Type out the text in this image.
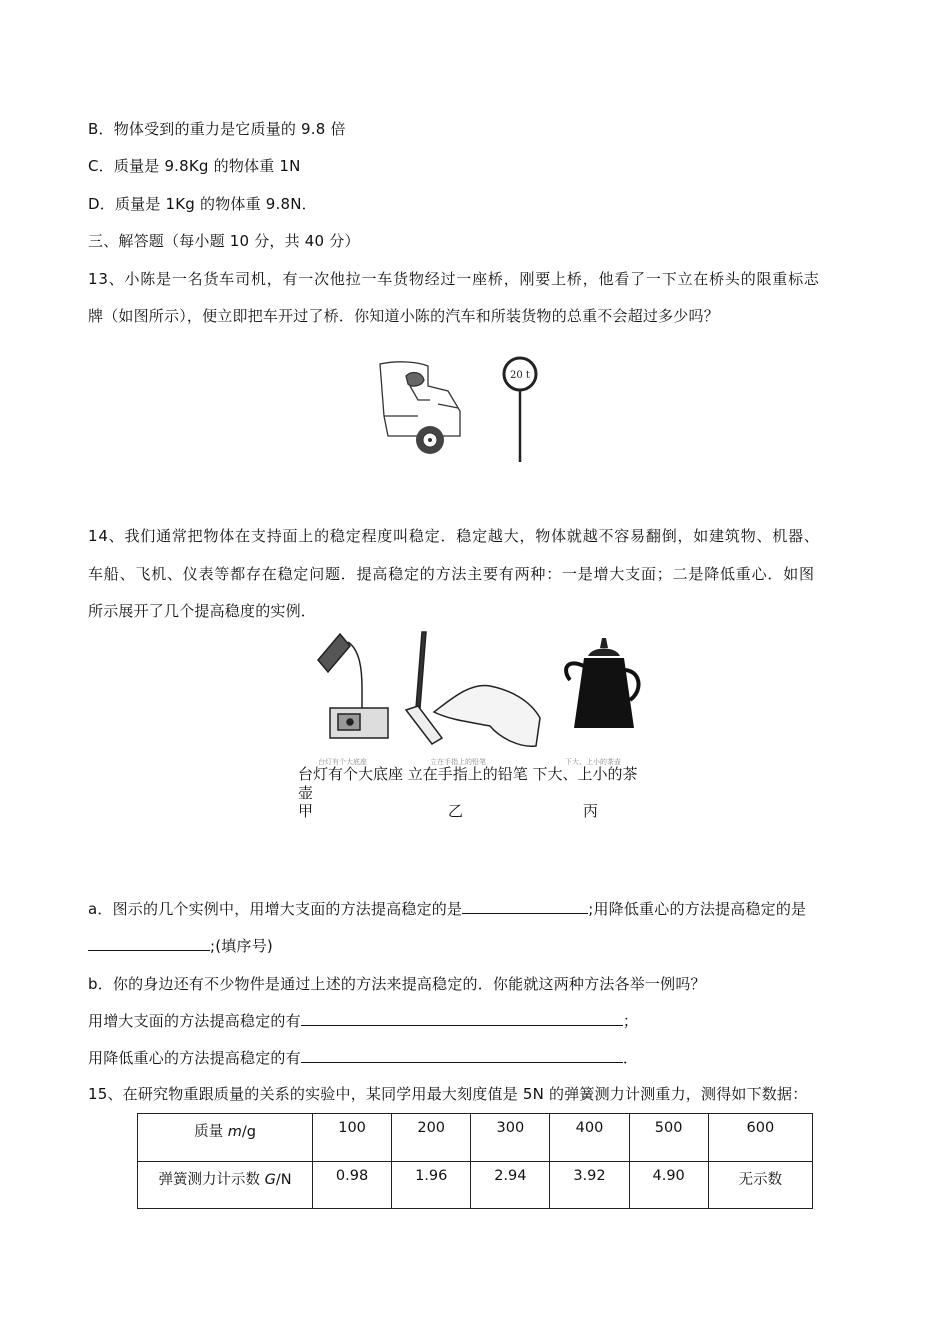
B．物体受到的重力是它质量的 9.8 倍
C．质量是 9.8Kg 的物体重 1N
D．质量是 1Kg 的物体重 9.8N．
三、解答题（每小题 10 分，共 40 分）
13、小陈是一名货车司机，有一次他拉一车货物经过一座桥，刚要上桥，他看了一下立在桥头的限重标志
牌（如图所示），便立即把车开过了桥．你知道小陈的汽车和所装货物的总重不会超过多少吗？
20 t
14、我们通常把物体在支持面上的稳定程度叫稳定．稳定越大，物体就越不容易翻倒，如建筑物、机器、
车船、飞机、仪表等都存在稳定问题．提高稳定的方法主要有两种：一是增大支面；二是降低重心．如图
所示展开了几个提高稳度的实例．
台灯有个大底座	立在手指上的铅笔	下大、上小的茶壶
台灯有个大底座 立在手指上的铅笔 下大、上小的茶
壶
甲	乙	丙
a．图示的几个实例中，用增大支面的方法提高稳定的是	;用降低重心的方法提高稳定的是
;(填序号)
b．你的身边还有不少物件是通过上述的方法来提高稳定的．你能就这两种方法各举一例吗？
用增大支面的方法提高稳定的有	；
用降低重心的方法提高稳定的有	．
15、在研究物重跟质量的关系的实验中，某同学用最大刻度值是 5N 的弹簧测力计测重力，测得如下数据：
质量 m/g	100	200	300	400	500	600
弹簧测力计示数 G/N	0.98	1.96	2.94	3.92	4.90	无示数
